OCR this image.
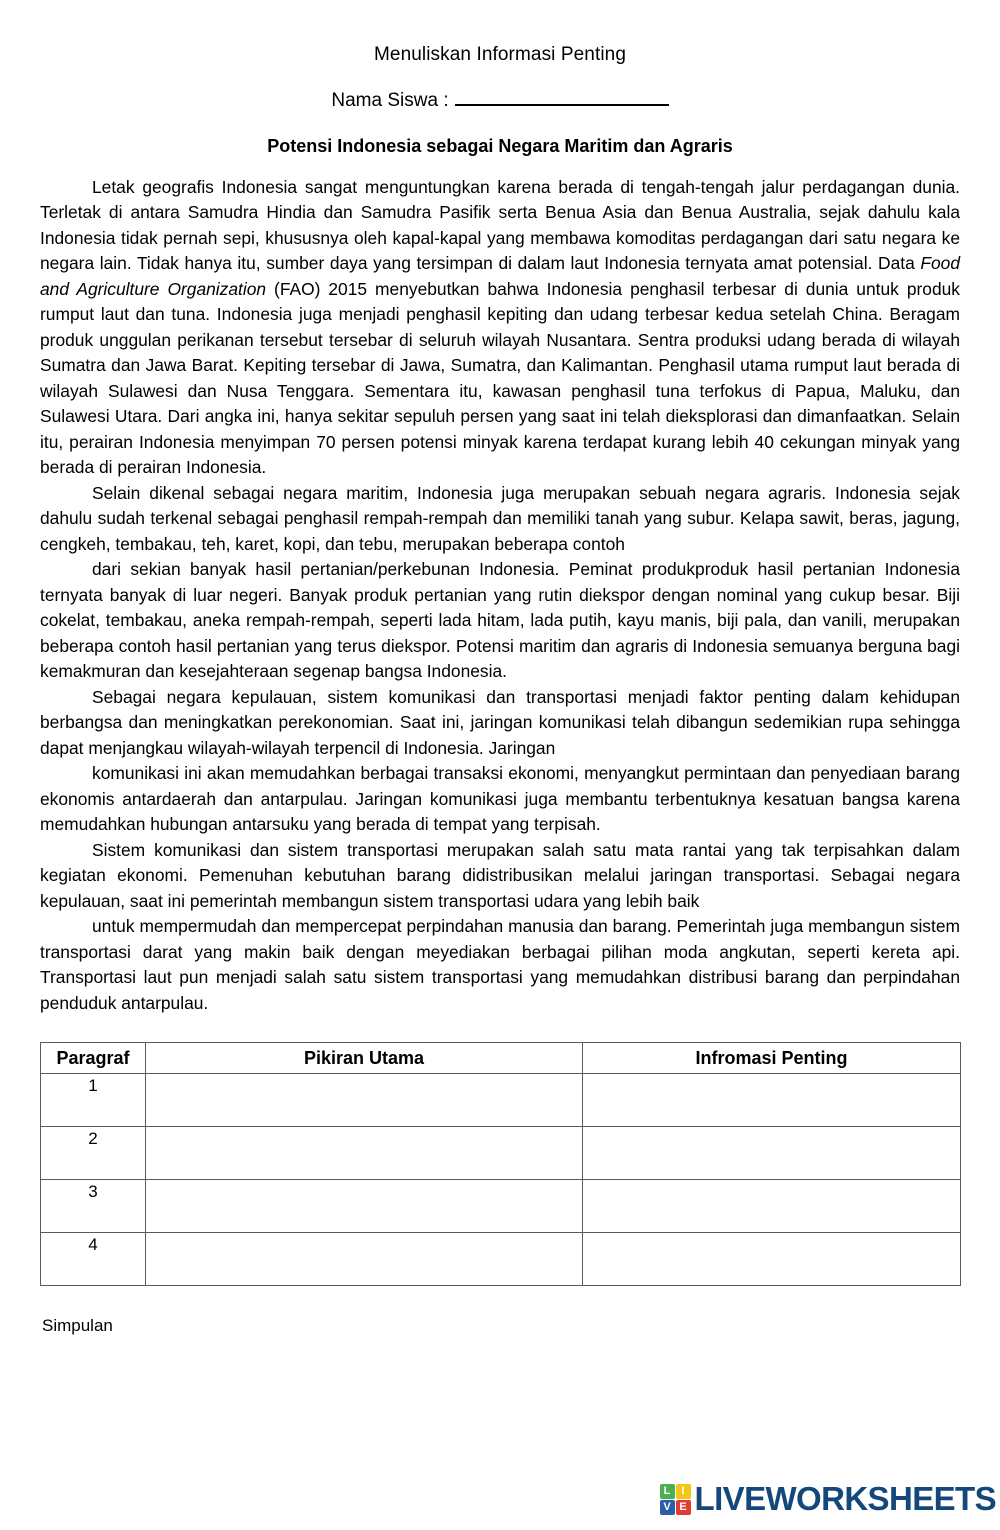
Menuliskan Informasi Penting
Nama Siswa :
Potensi Indonesia sebagai Negara Maritim dan Agraris

Letak geografis Indonesia sangat menguntungkan karena berada di tengah-tengah jalur perdagangan dunia. Terletak di antara Samudra Hindia dan Samudra Pasifik serta Benua Asia dan Benua Australia, sejak dahulu kala Indonesia tidak pernah sepi, khususnya oleh kapal-kapal yang membawa komoditas perdagangan dari satu negara ke negara lain. Tidak hanya itu, sumber daya yang tersimpan di dalam laut Indonesia ternyata amat potensial. Data Food and Agriculture Organization (FAO) 2015 menyebutkan bahwa Indonesia penghasil terbesar di dunia untuk produk rumput laut dan tuna. Indonesia juga menjadi penghasil kepiting dan udang terbesar kedua setelah China. Beragam produk unggulan perikanan tersebut tersebar di seluruh wilayah Nusantara. Sentra produksi udang berada di wilayah Sumatra dan Jawa Barat. Kepiting tersebar di Jawa, Sumatra, dan Kalimantan. Penghasil utama rumput laut berada di wilayah Sulawesi dan Nusa Tenggara. Sementara itu, kawasan penghasil tuna terfokus di Papua, Maluku, dan Sulawesi Utara. Dari angka ini, hanya sekitar sepuluh persen yang saat ini telah dieksplorasi dan dimanfaatkan. Selain itu, perairan Indonesia menyimpan 70 persen potensi minyak karena terdapat kurang lebih 40 cekungan minyak yang berada di perairan Indonesia.

Selain dikenal sebagai negara maritim, Indonesia juga merupakan sebuah negara agraris. Indonesia sejak dahulu sudah terkenal sebagai penghasil rempah-rempah dan memiliki tanah yang subur. Kelapa sawit, beras, jagung, cengkeh, tembakau, teh, karet, kopi, dan tebu, merupakan beberapa contoh

dari sekian banyak hasil pertanian/perkebunan Indonesia. Peminat produkproduk hasil pertanian Indonesia ternyata banyak di luar negeri. Banyak produk pertanian yang rutin diekspor dengan nominal yang cukup besar. Biji cokelat, tembakau, aneka rempah-rempah, seperti lada hitam, lada putih, kayu manis, biji pala, dan vanili, merupakan beberapa contoh hasil pertanian yang terus diekspor. Potensi maritim dan agraris di Indonesia semuanya berguna bagi kemakmuran dan kesejahteraan segenap bangsa Indonesia.

Sebagai negara kepulauan, sistem komunikasi dan transportasi menjadi faktor penting dalam kehidupan berbangsa dan meningkatkan perekonomian. Saat ini, jaringan komunikasi telah dibangun sedemikian rupa sehingga dapat menjangkau wilayah-wilayah terpencil di Indonesia. Jaringan

komunikasi ini akan memudahkan berbagai transaksi ekonomi, menyangkut permintaan dan penyediaan barang ekonomis antardaerah dan antarpulau. Jaringan komunikasi juga membantu terbentuknya kesatuan bangsa karena memudahkan hubungan antarsuku yang berada di tempat yang terpisah.

Sistem komunikasi dan sistem transportasi merupakan salah satu mata rantai yang tak terpisahkan dalam kegiatan ekonomi. Pemenuhan kebutuhan barang didistribusikan melalui jaringan transportasi. Sebagai negara kepulauan, saat ini pemerintah membangun sistem transportasi udara yang lebih baik

untuk mempermudah dan mempercepat perpindahan manusia dan barang. Pemerintah juga membangun sistem transportasi darat yang makin baik dengan meyediakan berbagai pilihan moda angkutan, seperti kereta api. Transportasi laut pun menjadi salah satu sistem transportasi yang memudahkan distribusi barang dan perpindahan penduduk antarpulau.

Paragraf	Pikiran Utama	Infromasi Penting
1		
2		
3		
4		
Simpulan
L	I
V E LIVEWORKSHEETS
